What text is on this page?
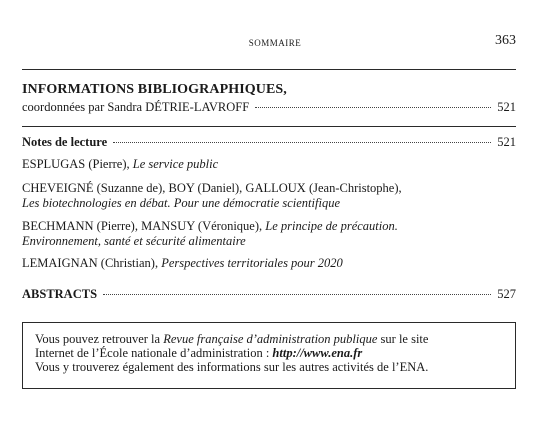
SOMMAIRE	363
INFORMATIONS BIBLIOGRAPHIQUES,
coordonnées par Sandra DÉTRIE-LAVROFF	521
Notes de lecture	521
ESPLUGAS (Pierre), Le service public
CHEVEIGNÉ (Suzanne de), BOY (Daniel), GALLOUX (Jean-Christophe),
Les biotechnologies en débat. Pour une démocratie scientifique
BECHMANN (Pierre), MANSUY (Véronique), Le principe de précaution.
Environnement, santé et sécurité alimentaire
LEMAIGNAN (Christian), Perspectives territoriales pour 2020
ABSTRACTS	527
Vous pouvez retrouver la Revue française d’administration publique sur le site
Internet de l’École nationale d’administration : http://www.ena.fr
Vous y trouverez également des informations sur les autres activités de l’ENA.
